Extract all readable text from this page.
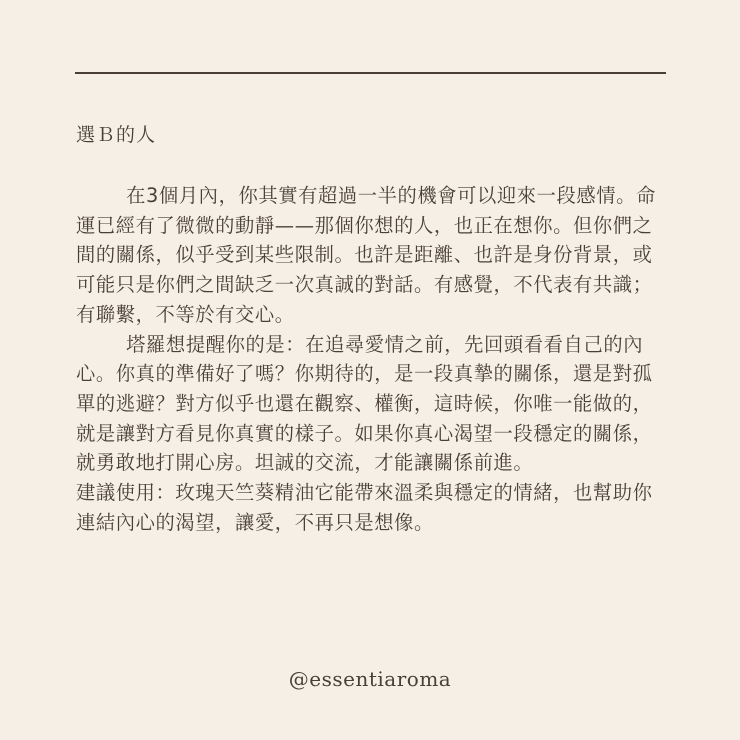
選Ｂ的人

在3個月內，你其實有超過一半的機會可以迎來一段感情。命運已經有了微微的動靜——那個你想的人，也正在想你。但你們之間的關係，似乎受到某些限制。也許是距離、也許是身份背景，或可能只是你們之間缺乏一次真誠的對話。有感覺，不代表有共識；有聯繫，不等於有交心。

塔羅想提醒你的是：在追尋愛情之前，先回頭看看自己的內心。你真的準備好了嗎？你期待的，是一段真摯的關係，還是對孤單的逃避？對方似乎也還在觀察、權衡，這時候，你唯一能做的，就是讓對方看見你真實的樣子。如果你真心渴望一段穩定的關係，就勇敢地打開心房。坦誠的交流，才能讓關係前進。

建議使用：玫瑰天竺葵精油它能帶來溫柔與穩定的情緒，也幫助你連結內心的渴望，讓愛，不再只是想像。

@essentiaroma
